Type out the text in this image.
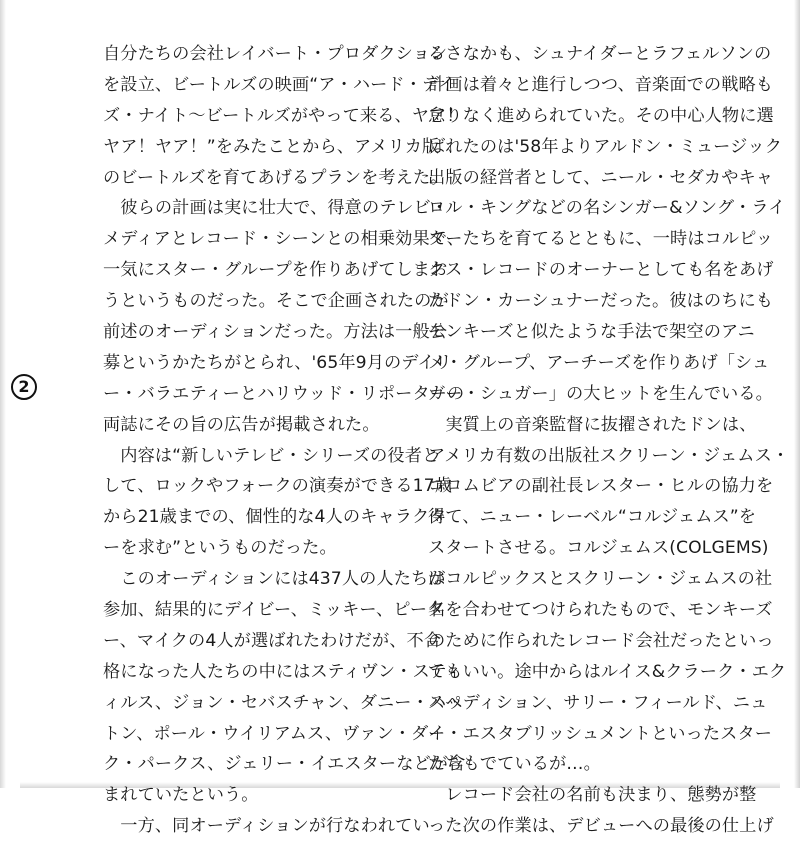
自分たちの会社レイバート・プロダクション
を設立、ビートルズの映画“ア・ハード・デイ
ズ・ナイト〜ビートルズがやって来る、ヤア！
ヤア！ヤア！”をみたことから、アメリカ版
のビートルズを育てあげるプランを考えた。
　彼らの計画は実に壮大で、得意のテレビ・
メディアとレコード・シーンとの相乗効果で、
一気にスター・グループを作りあげてしまお
うというものだった。そこで企画されたのが
前述のオーディションだった。方法は一般公
募というかたちがとられ、'65年9月のデイリ
ー・バラエティーとハリウッド・リポーターの
両誌にその旨の広告が掲載された。
　内容は“新しいテレビ・シリーズの役者と
して、ロックやフォークの演奏ができる17歳
から21歳までの、個性的な4人のキャラクタ
ーを求む”というものだった。
　このオーディションには437人の人たちが
参加、結果的にデイビー、ミッキー、ピータ
ー、マイクの4人が選ばれたわけだが、不合
格になった人たちの中にはスティヴン・スティ
ィルス、ジョン・セバスチャン、ダニー・ハッ
トン、ポール・ウイリアムス、ヴァン・ダイ
ク・パークス、ジェリー・イエスターなどが含
まれていたという。
　一方、同オーディションが行なわれてい
るさなかも、シュナイダーとラフェルソンの
計画は着々と進行しつつ、音楽面での戦略も
怠りなく進められていた。その中心人物に選
ばれたのは'58年よりアルドン・ミュージック
出版の経営者として、ニール・セダカやキャ
ロル・キングなどの名シンガー&ソング・ライ
ターたちを育てるとともに、一時はコルピッ
クス・レコードのオーナーとしても名をあげ
たドン・カーシュナーだった。彼はのちにも
モンキーズと似たような手法で架空のアニ
メ・グループ、アーチーズを作りあげ「シュ
ガー・シュガー」の大ヒットを生んでいる。
　実質上の音楽監督に抜擢されたドンは、
アメリカ有数の出版社スクリーン・ジェムス・
コロムビアの副社長レスター・ヒルの協力を
得て、ニュー・レーベル“コルジェムス”を
スタートさせる。コルジェムス(COLGEMS)
はコルピックスとスクリーン・ジェムスの社
名を合わせてつけられたもので、モンキーズ
のために作られたレコード会社だったといっ
てもいい。途中からはルイス&クラーク・エク
スペディション、サリー・フィールド、ニュ
ー・エスタブリッシュメントといったスター
たちもでているが…。
　レコード会社の名前も決まり、態勢が整
った次の作業は、デビューへの最後の仕上げ
2
